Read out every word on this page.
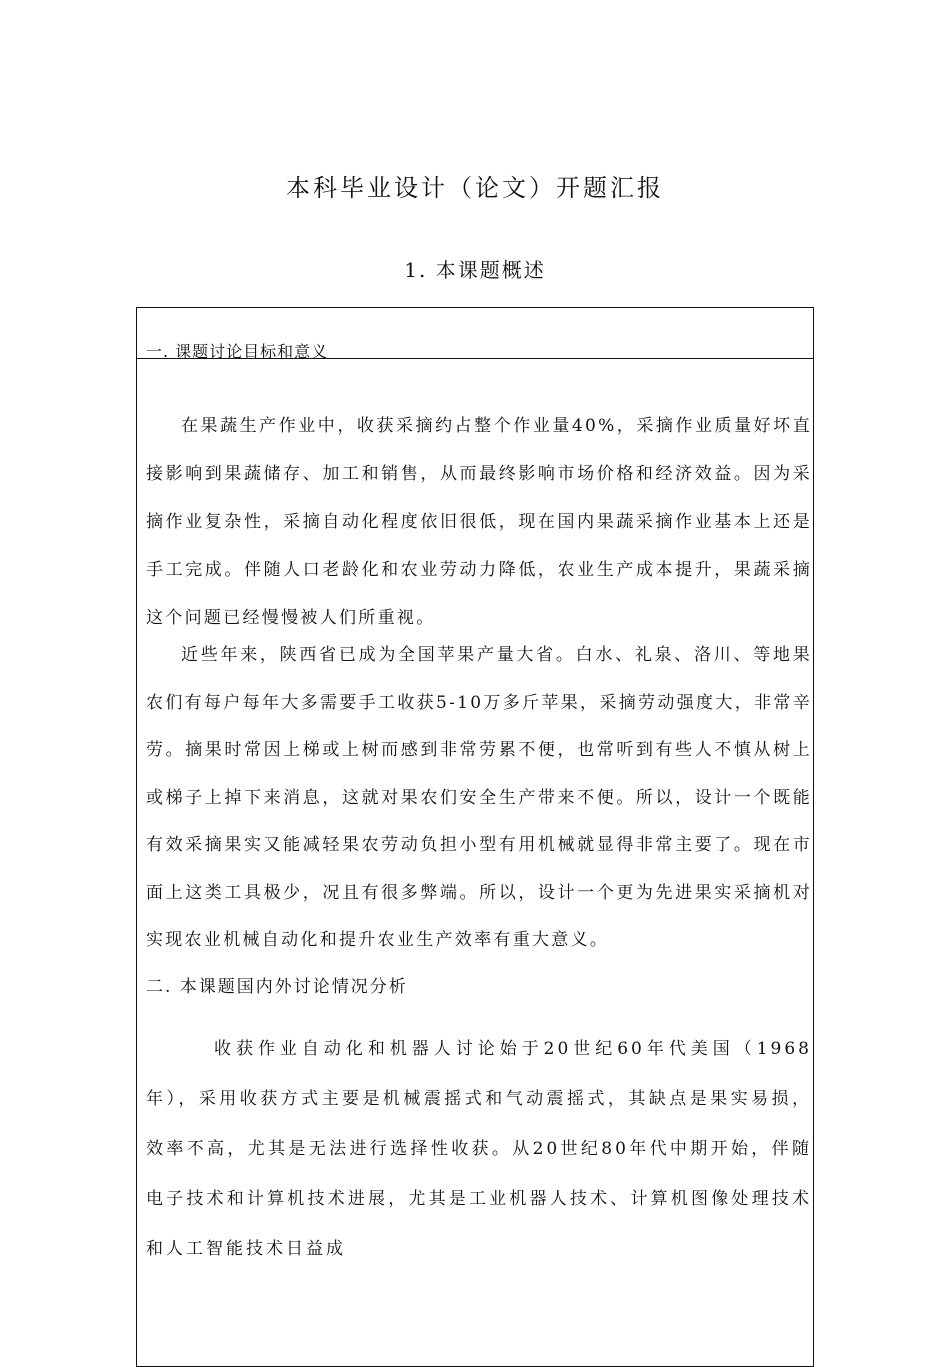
本科毕业设计（论文）开题汇报
1. 本课题概述
一. 课题讨论目标和意义

在果蔬生产作业中，收获采摘约占整个作业量40%，采摘作业质量好坏直接影响到果蔬储存、加工和销售，从而最终影响市场价格和经济效益。因为采摘作业复杂性，采摘自动化程度依旧很低，现在国内果蔬采摘作业基本上还是手工完成。伴随人口老龄化和农业劳动力降低，农业生产成本提升，果蔬采摘这个问题已经慢慢被人们所重视。

近些年来，陕西省已成为全国苹果产量大省。白水、礼泉、洛川、等地果农们有每户每年大多需要手工收获5-10万多斤苹果，采摘劳动强度大，非常辛劳。摘果时常因上梯或上树而感到非常劳累不便，也常听到有些人不慎从树上或梯子上掉下来消息，这就对果农们安全生产带来不便。所以，设计一个既能有效采摘果实又能减轻果农劳动负担小型有用机械就显得非常主要了。现在市面上这类工具极少，况且有很多弊端。所以，设计一个更为先进果实采摘机对实现农业机械自动化和提升农业生产效率有重大意义。

二. 本课题国内外讨论情况分析

收获作业自动化和机器人讨论始于20世纪60年代美国（1968年），采用收获方式主要是机械震摇式和气动震摇式，其缺点是果实易损，效率不高，尤其是无法进行选择性收获。从20世纪80年代中期开始，伴随电子技术和计算机技术进展，尤其是工业机器人技术、计算机图像处理技术和人工智能技术日益成
